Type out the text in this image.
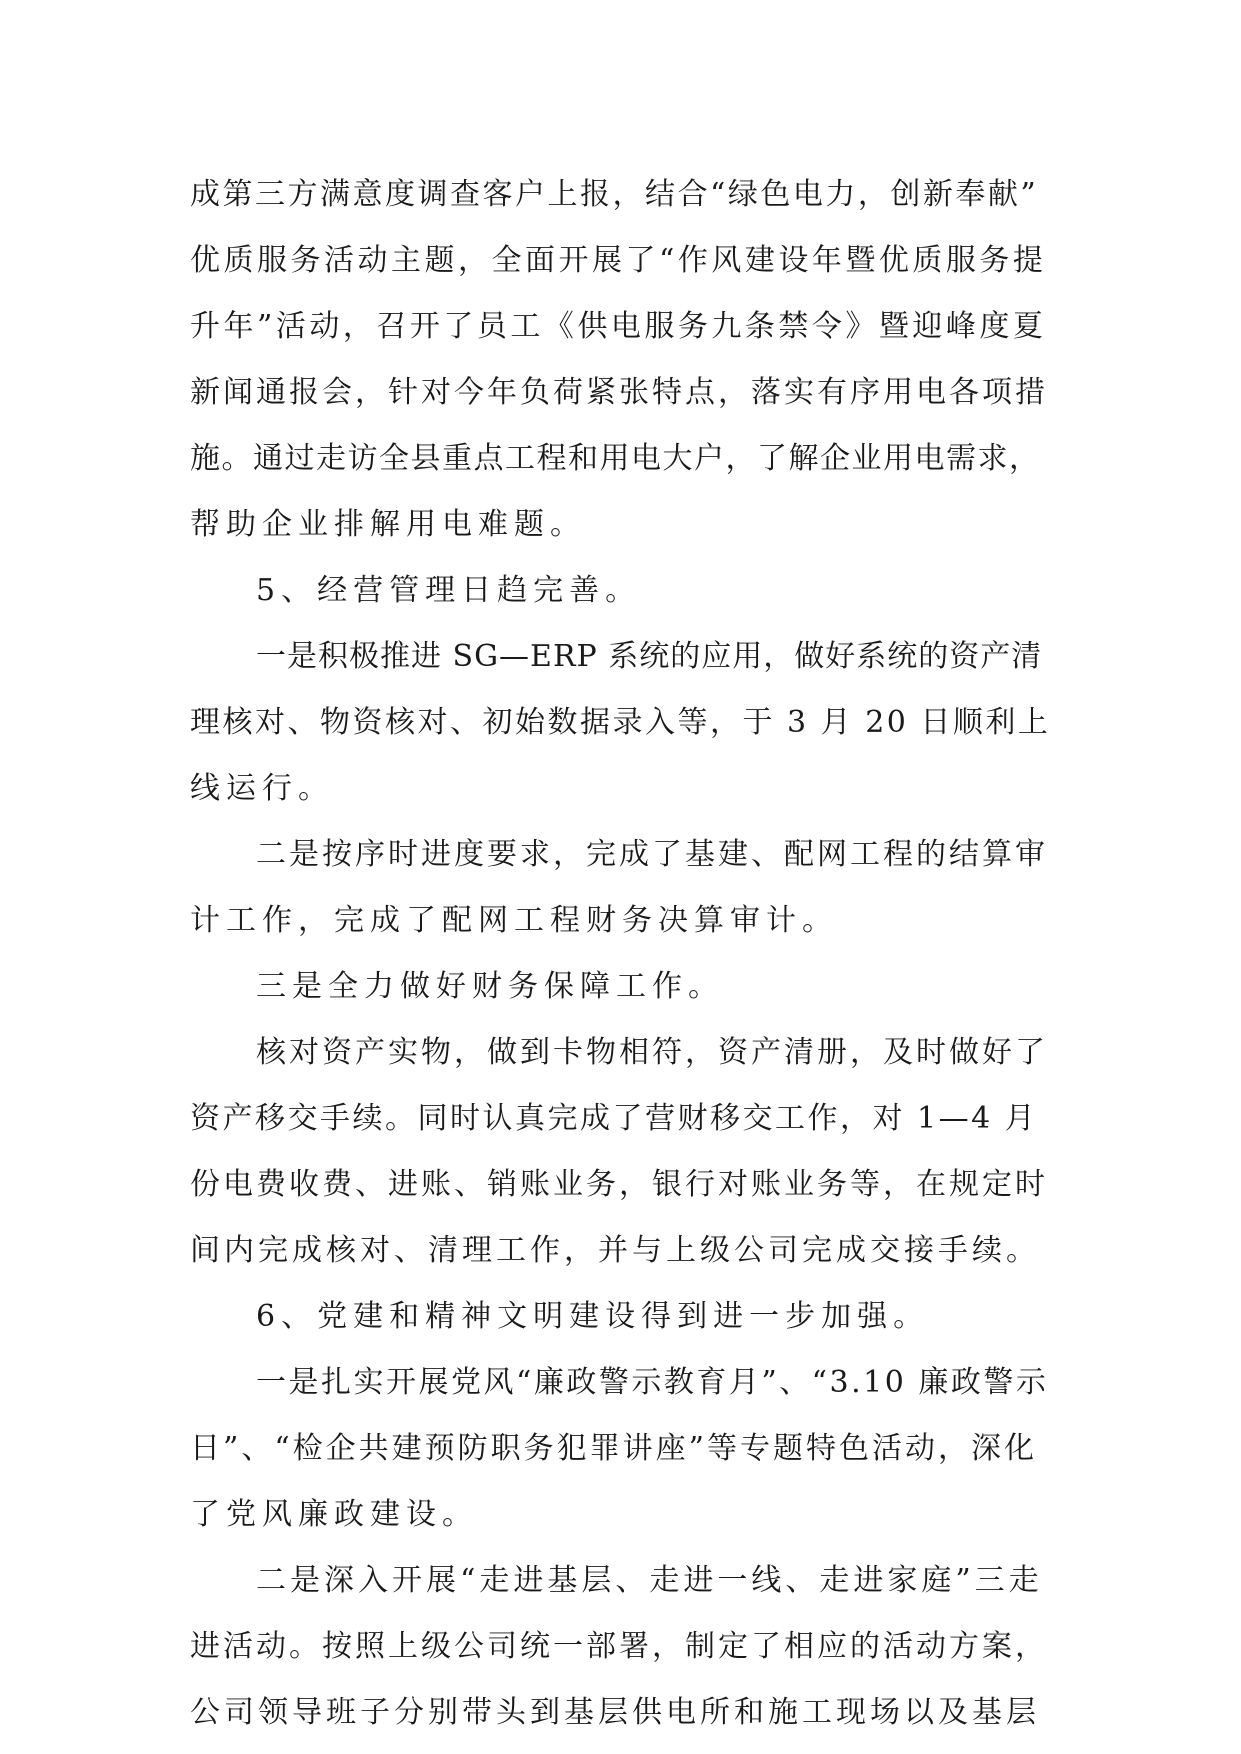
成第三方满意度调查客户上报，结合“绿色电力，创新奉献”
优质服务活动主题，全面开展了“作风建设年暨优质服务提
升年”活动，召开了员工《供电服务九条禁令》暨迎峰度夏
新闻通报会，针对今年负荷紧张特点，落实有序用电各项措
施。通过走访全县重点工程和用电大户，了解企业用电需求，
帮助企业排解用电难题。
5、经营管理日趋完善。
一是积极推进 SG—ERP 系统的应用，做好系统的资产清
理核对、物资核对、初始数据录入等，于 3 月 20 日顺利上
线运行。
二是按序时进度要求，完成了基建、配网工程的结算审
计工作，完成了配网工程财务决算审计。
三是全力做好财务保障工作。
核对资产实物，做到卡物相符，资产清册，及时做好了
资产移交手续。同时认真完成了营财移交工作，对 1—4 月
份电费收费、进账、销账业务，银行对账业务等，在规定时
间内完成核对、清理工作，并与上级公司完成交接手续。
6、党建和精神文明建设得到进一步加强。
一是扎实开展党风“廉政警示教育月”、“3.10 廉政警示
日”、“检企共建预防职务犯罪讲座”等专题特色活动，深化
了党风廉政建设。
二是深入开展“走进基层、走进一线、走进家庭”三走
进活动。按照上级公司统一部署，制定了相应的活动方案，
公司领导班子分别带头到基层供电所和施工现场以及基层
